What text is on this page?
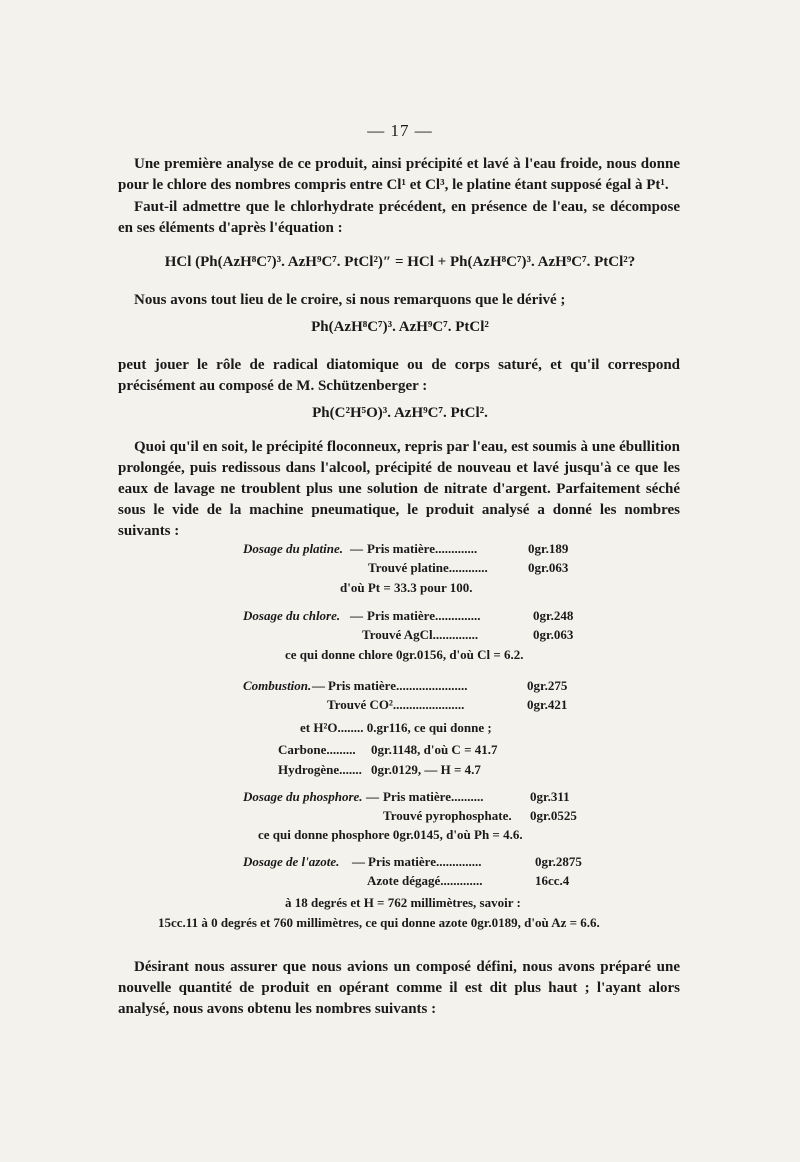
— 17 —

Une première analyse de ce produit, ainsi précipité et lavé à l'eau froide, nous donne pour le chlore des nombres compris entre Cl¹ et Cl³, le platine étant supposé égal à Pt¹.

Faut-il admettre que le chlorhydrate précédent, en présence de l'eau, se décompose en ses éléments d'après l'équation :

HCl (Ph(AzH⁸C⁷)³. AzH⁹C⁷. PtCl²)″ = HCl + Ph(AzH⁸C⁷)³. AzH⁹C⁷. PtCl²?

Nous avons tout lieu de le croire, si nous remarquons que le dérivé ;

Ph(AzH⁸C⁷)³. AzH⁹C⁷. PtCl²

peut jouer le rôle de radical diatomique ou de corps saturé, et qu'il correspond précisément au composé de M. Schützenberger :

Ph(C²H⁵O)³. AzH⁹C⁷. PtCl².

Quoi qu'il en soit, le précipité floconneux, repris par l'eau, est soumis à une ébullition prolongée, puis redissous dans l'alcool, précipité de nouveau et lavé jusqu'à ce que les eaux de lavage ne troublent plus une solution de nitrate d'argent. Parfaitement séché sous le vide de la machine pneumatique, le produit analysé a donné les nombres suivants :

Dosage du platine. — Pris matière.............	0gr.189
Trouvé platine............	0gr.063
d'où Pt = 33.3 pour 100.
Dosage du chlore. — Pris matière..............	0gr.248
Trouvé AgCl..............	0gr.063
ce qui donne chlore 0gr.0156, d'où Cl = 6.2.
Combustion. — Pris matière......................	0gr.275
Trouvé CO²......................	0gr.421
et H²O........ 0.gr116, ce qui donne ;
Carbone......... 0gr.1148, d'où C = 41.7
Hydrogène....... 0gr.0129, — H = 4.7
Dosage du phosphore. — Pris matière..........	0gr.311
Trouvé pyrophosphate. 0gr.0525
ce qui donne phosphore 0gr.0145, d'où Ph = 4.6.
Dosage de l'azote. — Pris matière..............	0gr.2875
Azote dégagé.............	16cc.4
à 18 degrés et H = 762 millimètres, savoir :
15cc.11 à 0 degrés et 760 millimètres, ce qui donne azote 0gr.0189, d'où Az = 6.6.

Désirant nous assurer que nous avions un composé défini, nous avons préparé une nouvelle quantité de produit en opérant comme il est dit plus haut ; l'ayant alors analysé, nous avons obtenu les nombres suivants :
